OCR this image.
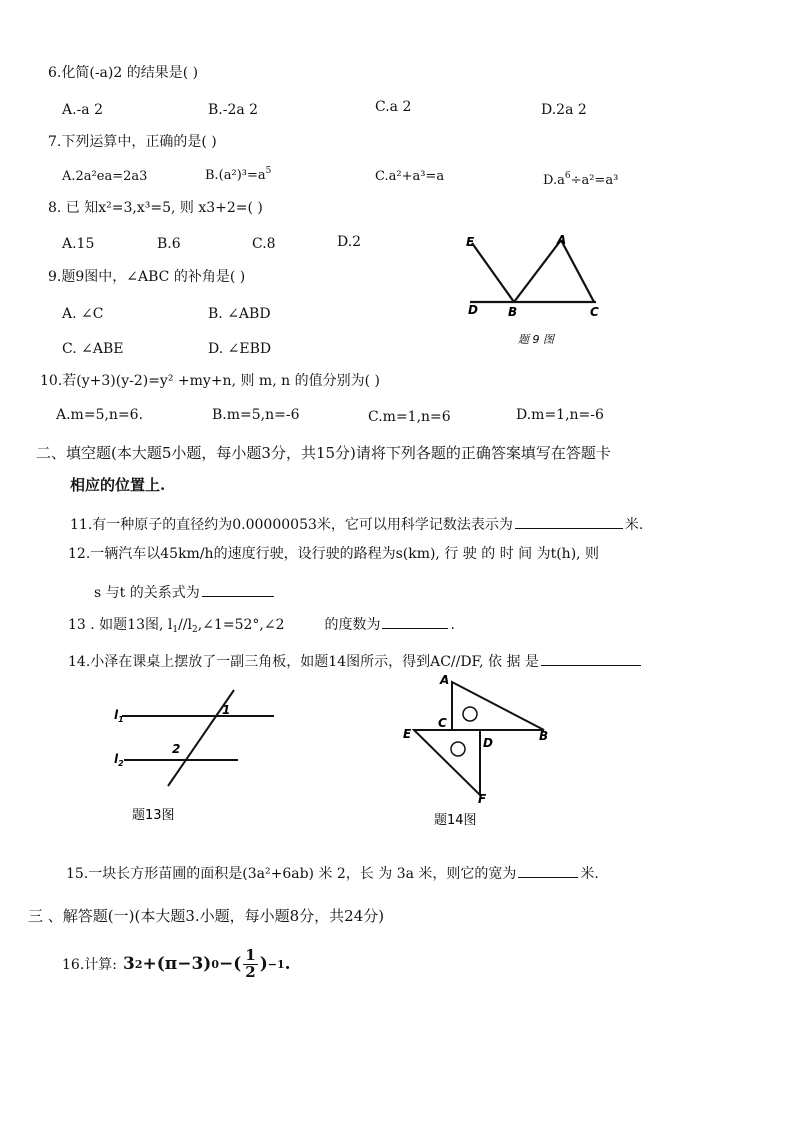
6.化简(-a)2 的结果是( )
A.-a 2	B.-2a 2	C.a 2	D.2a 2
7.下列运算中，正确的是( )
A.2a²ea=2a3	$B.(a^2)^3=a^5$	C.a²+a³=a	$D.a^6\div a^2=a^3$
8. 已 知x²=3,x³=5, 则 x3+2=( )
A.15	B.6	C.8	D.2	E	A
D	B	C
题 9 图
9.题9图中，∠ABC 的补角是( )
A. ∠C	B. ∠ABD
C. ∠ABE	D. ∠EBD
10.若(y+3)(y-2)=y² +my+n, 则 m, n 的值分别为( )
A.m=5,n=6.	B.m=5,n=-6	C.m=1,n=6	D.m=1,n=-6
二、填空题(本大题5小题，每小题3分，共15分)请将下列各题的正确答案填写在答题卡
相应的位置上.
11.有一种原子的直径约为0.00000053米，它可以用科学记数法表示为	米.
12.一辆汽车以45km/h的速度行驶，设行驶的路程为s(km), 行 驶 的 时 间 为t(h), 则
s 与t 的关系式为
13 . 如题13图, $l_1//l_2,\angle 1=52^\circ,\angle 2$	的度数为	.
14.小泽在课桌上摆放了一副三角板，如题14图所示，得到AC//DF, 依 据 是
$l_1$
$l_2$
1
2
题13图
A
C
E
D	B
F
题14图
15.一块长方形苗圃的面积是(3a²+6ab) 米 2，长 为 3a 米，则它的宽为	米.
三 、解答题(一)(本大题3.小题，每小题8分，共24分)
16.计算: 3 2 +(π−3) 0 −( $\frac{1}{2}$ ) −1 .
